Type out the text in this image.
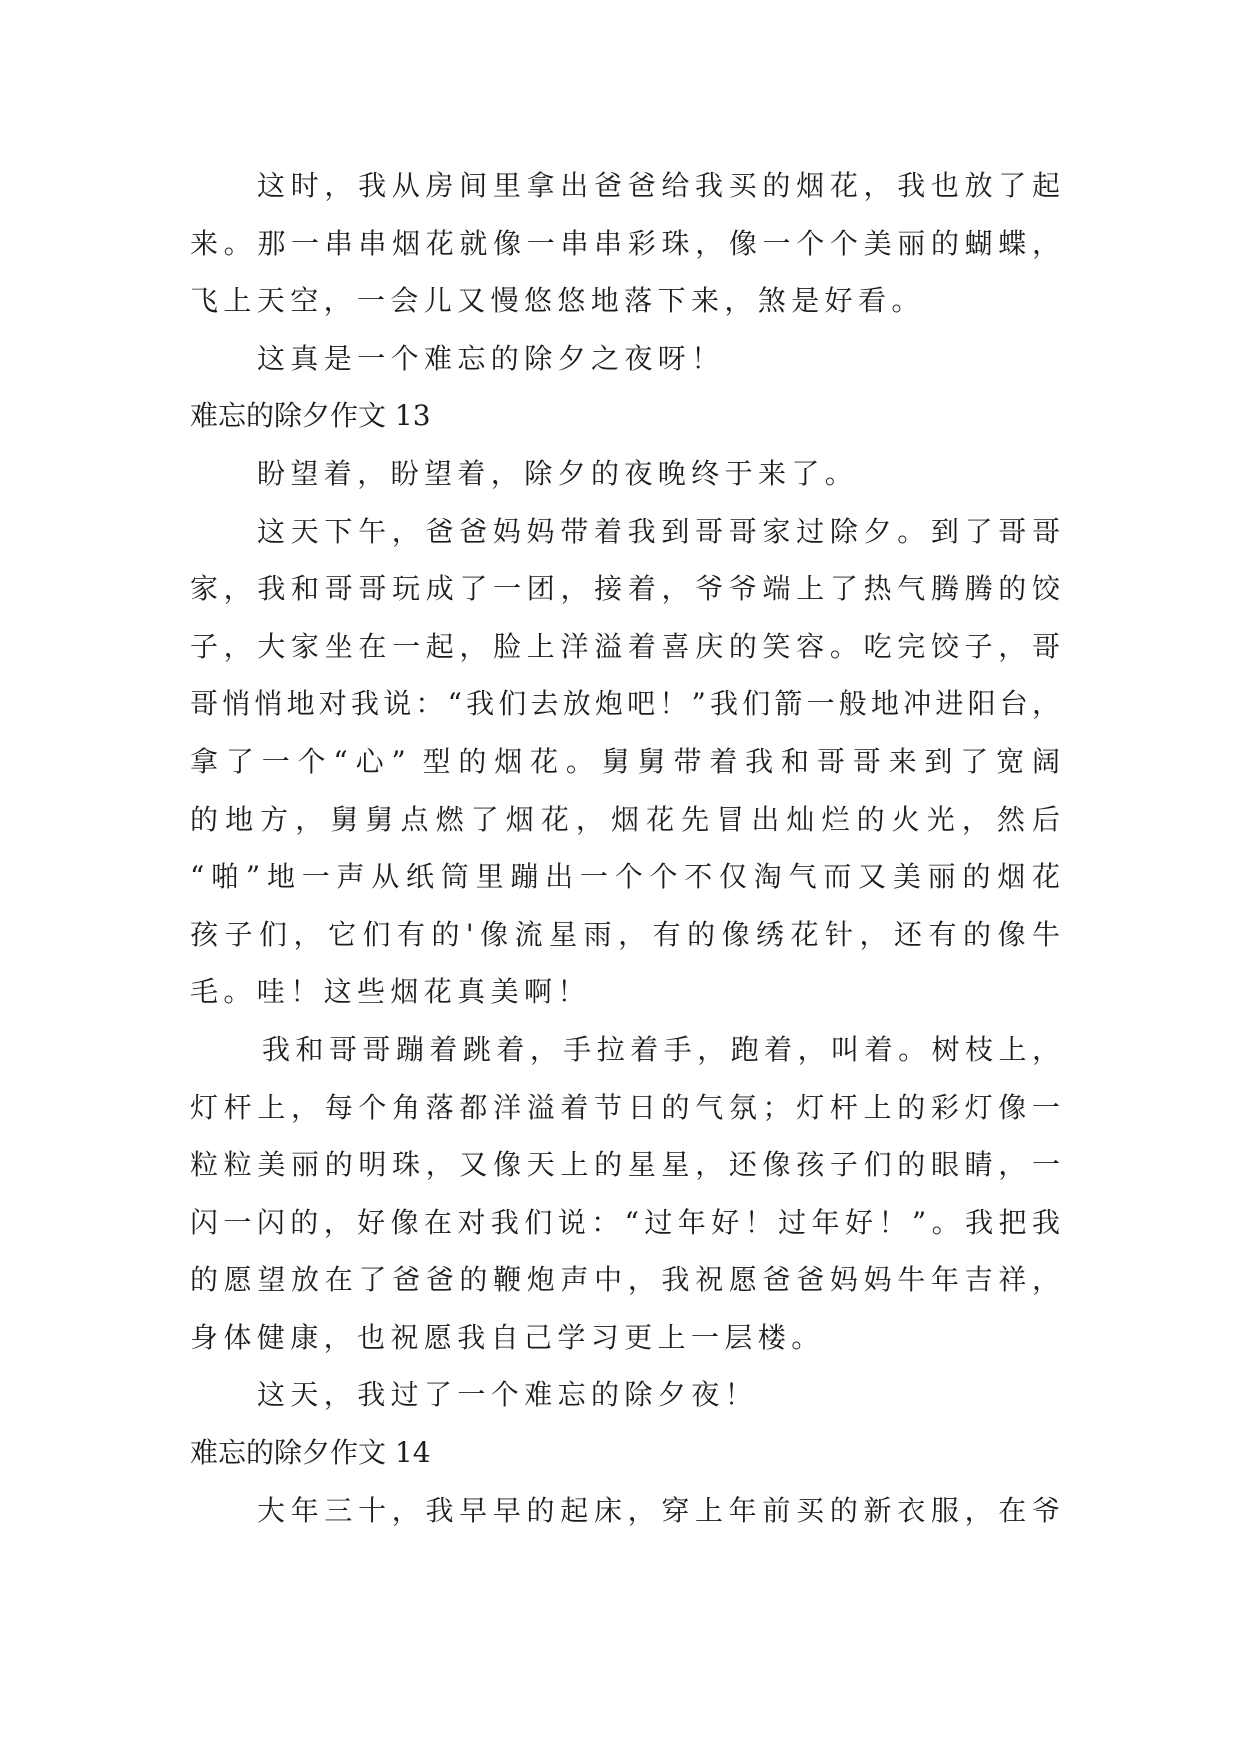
这时，我从房间里拿出爸爸给我买的烟花，我也放了起
来。那一串串烟花就像一串串彩珠，像一个个美丽的蝴蝶，
飞上天空，一会儿又慢悠悠地落下来，煞是好看。
这真是一个难忘的除夕之夜呀！
难忘的除夕作文 13
盼望着，盼望着，除夕的夜晚终于来了。
这天下午，爸爸妈妈带着我到哥哥家过除夕。到了哥哥
家，我和哥哥玩成了一团，接着，爷爷端上了热气腾腾的饺
子，大家坐在一起，脸上洋溢着喜庆的笑容。吃完饺子，哥
哥悄悄地对我说：“我们去放炮吧！”我们箭一般地冲进阳台，
拿了一个“心” 型的烟花。舅舅带着我和哥哥来到了宽阔
的地方，舅舅点燃了烟花，烟花先冒出灿烂的火光，然后
“啪”地一声从纸筒里蹦出一个个不仅淘气而又美丽的烟花
孩子们，它们有的'像流星雨，有的像绣花针，还有的像牛
毛。哇！这些烟花真美啊！
我和哥哥蹦着跳着，手拉着手，跑着，叫着。树枝上，
灯杆上，每个角落都洋溢着节日的气氛；灯杆上的彩灯像一
粒粒美丽的明珠，又像天上的星星，还像孩子们的眼睛，一
闪一闪的，好像在对我们说：“过年好！过年好！”。我把我
的愿望放在了爸爸的鞭炮声中，我祝愿爸爸妈妈牛年吉祥，
身体健康，也祝愿我自己学习更上一层楼。
这天，我过了一个难忘的除夕夜！
难忘的除夕作文 14
大年三十，我早早的起床，穿上年前买的新衣服，在爷
